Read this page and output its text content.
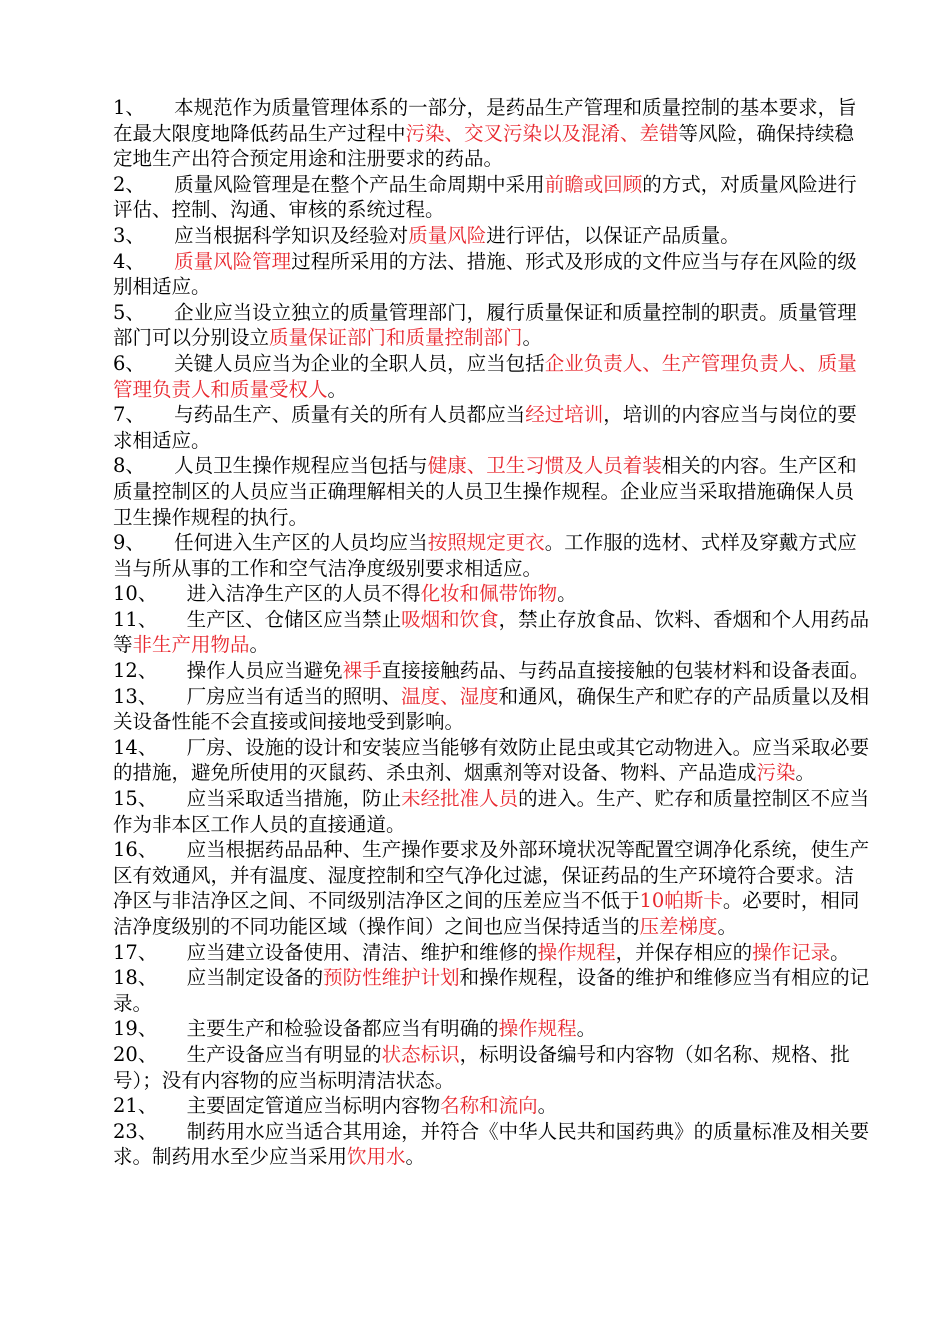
1、   本规范作为质量管理体系的一部分，是药品生产管理和质量控制的基本要求，旨在最大限度地降低药品生产过程中污染、交叉污染以及混淆、差错等风险，确保持续稳定地生产出符合预定用途和注册要求的药品。

2、   质量风险管理是在整个产品生命周期中采用前瞻或回顾的方式，对质量风险进行评估、控制、沟通、审核的系统过程。

3、   应当根据科学知识及经验对质量风险进行评估，以保证产品质量。

4、   质量风险管理过程所采用的方法、措施、形式及形成的文件应当与存在风险的级别相适应。

5、   企业应当设立独立的质量管理部门，履行质量保证和质量控制的职责。质量管理部门可以分别设立质量保证部门和质量控制部门。

6、   关键人员应当为企业的全职人员，应当包括企业负责人、生产管理负责人、质量管理负责人和质量受权人。

7、   与药品生产、质量有关的所有人员都应当经过培训，培训的内容应当与岗位的要求相适应。

8、   人员卫生操作规程应当包括与健康、卫生习惯及人员着装相关的内容。生产区和质量控制区的人员应当正确理解相关的人员卫生操作规程。企业应当采取措施确保人员卫生操作规程的执行。

9、   任何进入生产区的人员均应当按照规定更衣。工作服的选材、式样及穿戴方式应当与所从事的工作和空气洁净度级别要求相适应。

10、   进入洁净生产区的人员不得化妆和佩带饰物。

11、   生产区、仓储区应当禁止吸烟和饮食，禁止存放食品、饮料、香烟和个人用药品等非生产用物品。

12、   操作人员应当避免裸手直接接触药品、与药品直接接触的包装材料和设备表面。

13、   厂房应当有适当的照明、温度、湿度和通风，确保生产和贮存的产品质量以及相关设备性能不会直接或间接地受到影响。

14、   厂房、设施的设计和安装应当能够有效防止昆虫或其它动物进入。应当采取必要的措施，避免所使用的灭鼠药、杀虫剂、烟熏剂等对设备、物料、产品造成污染。

15、   应当采取适当措施，防止未经批准人员的进入。生产、贮存和质量控制区不应当作为非本区工作人员的直接通道。

16、   应当根据药品品种、生产操作要求及外部环境状况等配置空调净化系统，使生产区有效通风，并有温度、湿度控制和空气净化过滤，保证药品的生产环境符合要求。洁净区与非洁净区之间、不同级别洁净区之间的压差应当不低于10帕斯卡。必要时，相同洁净度级别的不同功能区域（操作间）之间也应当保持适当的压差梯度。

17、   应当建立设备使用、清洁、维护和维修的操作规程，并保存相应的操作记录。

18、   应当制定设备的预防性维护计划和操作规程，设备的维护和维修应当有相应的记录。

19、   主要生产和检验设备都应当有明确的操作规程。

20、   生产设备应当有明显的状态标识，标明设备编号和内容物（如名称、规格、批号）；没有内容物的应当标明清洁状态。

21、   主要固定管道应当标明内容物名称和流向。

23、   制药用水应当适合其用途，并符合《中华人民共和国药典》的质量标准及相关要求。制药用水至少应当采用饮用水。
